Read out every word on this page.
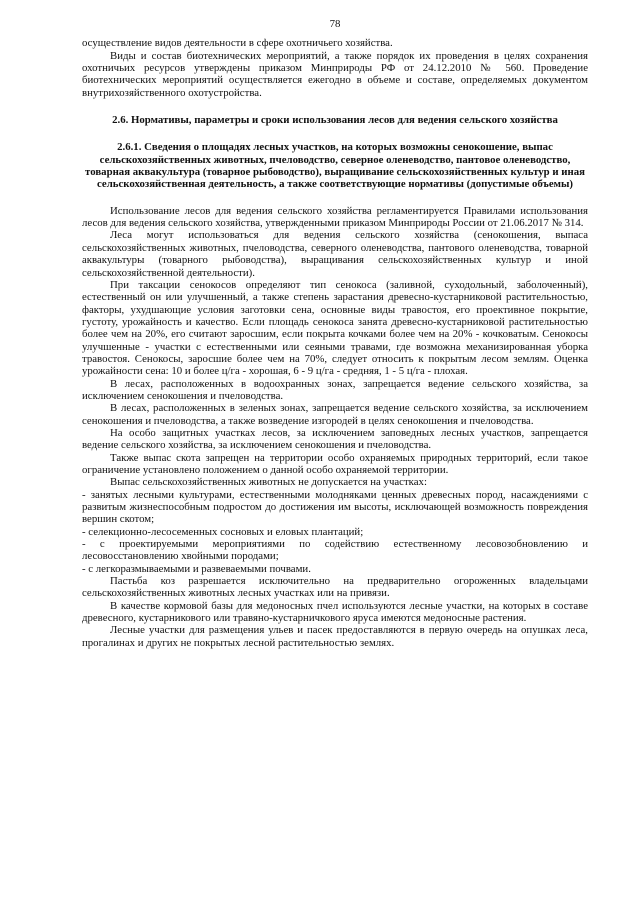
78

осуществление видов деятельности в сфере охотничьего хозяйства.

Виды и состав биотехнических мероприятий, а также порядок их проведения в целях сохранения охотничьих ресурсов утверждены приказом Минприроды РФ от 24.12.2010 № 560. Проведение биотехнических мероприятий осуществляется ежегодно в объеме и составе, определяемых документом внутрихозяйственного охотустройства.

2.6. Нормативы, параметры и сроки использования лесов для ведения сельского хозяйства
2.6.1. Сведения о площадях лесных участков, на которых возможны сенокошение, выпас сельскохозяйственных животных, пчеловодство, северное оленеводство, пантовое оленеводство, товарная аквакультура (товарное рыбоводство), выращивание сельскохозяйственных культур и иная сельскохозяйственная деятельность, а также соответствующие нормативы (допустимые объемы)

Использование лесов для ведения сельского хозяйства регламентируется Правилами использования лесов для ведения сельского хозяйства, утвержденными приказом Минприроды России от 21.06.2017 № 314.

Леса могут использоваться для ведения сельского хозяйства (сенокошения, выпаса сельскохозяйственных животных, пчеловодства, северного оленеводства, пантового оленеводства, товарной аквакультуры (товарного рыбоводства), выращивания сельскохозяйственных культур и иной сельскохозяйственной деятельности).

При таксации сенокосов определяют тип сенокоса (заливной, суходольный, заболоченный), естественный он или улучшенный, а также степень зарастания древесно-кустарниковой растительностью, факторы, ухудшающие условия заготовки сена, основные виды травостоя, его проективное покрытие, густоту, урожайность и качество. Если площадь сенокоса занята древесно-кустарниковой растительностью более чем на 20%, его считают заросшим, если покрыта кочками более чем на 20% - кочковатым. Сенокосы улучшенные - участки с естественными или сеяными травами, где возможна механизированная уборка травостоя. Сенокосы, заросшие более чем на 70%, следует относить к покрытым лесом землям. Оценка урожайности сена: 10 и более ц/га - хорошая, 6 - 9 ц/га - средняя, 1 - 5 ц/га - плохая.

В лесах, расположенных в водоохранных зонах, запрещается ведение сельского хозяйства, за исключением сенокошения и пчеловодства.

В лесах, расположенных в зеленых зонах, запрещается ведение сельского хозяйства, за исключением сенокошения и пчеловодства, а также возведение изгородей в целях сенокошения и пчеловодства.

На особо защитных участках лесов, за исключением заповедных лесных участков, запрещается ведение сельского хозяйства, за исключением сенокошения и пчеловодства.

Также выпас скота запрещен на территории особо охраняемых природных территорий, если такое ограничение установлено положением о данной особо охраняемой территории.

Выпас сельскохозяйственных животных не допускается на участках:

- занятых лесными культурами, естественными молодняками ценных древесных пород, насаждениями с развитым жизнеспособным подростом до достижения им высоты, исключающей возможность повреждения вершин скотом;

- селекционно-лесосеменных сосновых и еловых плантаций;

- с проектируемыми мероприятиями по содействию естественному лесовозобновлению и лесовосстановлению хвойными породами;

- с легкоразмываемыми и развеваемыми почвами.

Пастьба коз разрешается исключительно на предварительно огороженных владельцами сельскохозяйственных животных лесных участках или на привязи.

В качестве кормовой базы для медоносных пчел используются лесные участки, на которых в составе древесного, кустарникового или травяно-кустарничкового яруса имеются медоносные растения.

Лесные участки для размещения ульев и пасек предоставляются в первую очередь на опушках леса, прогалинах и других не покрытых лесной растительностью землях.
